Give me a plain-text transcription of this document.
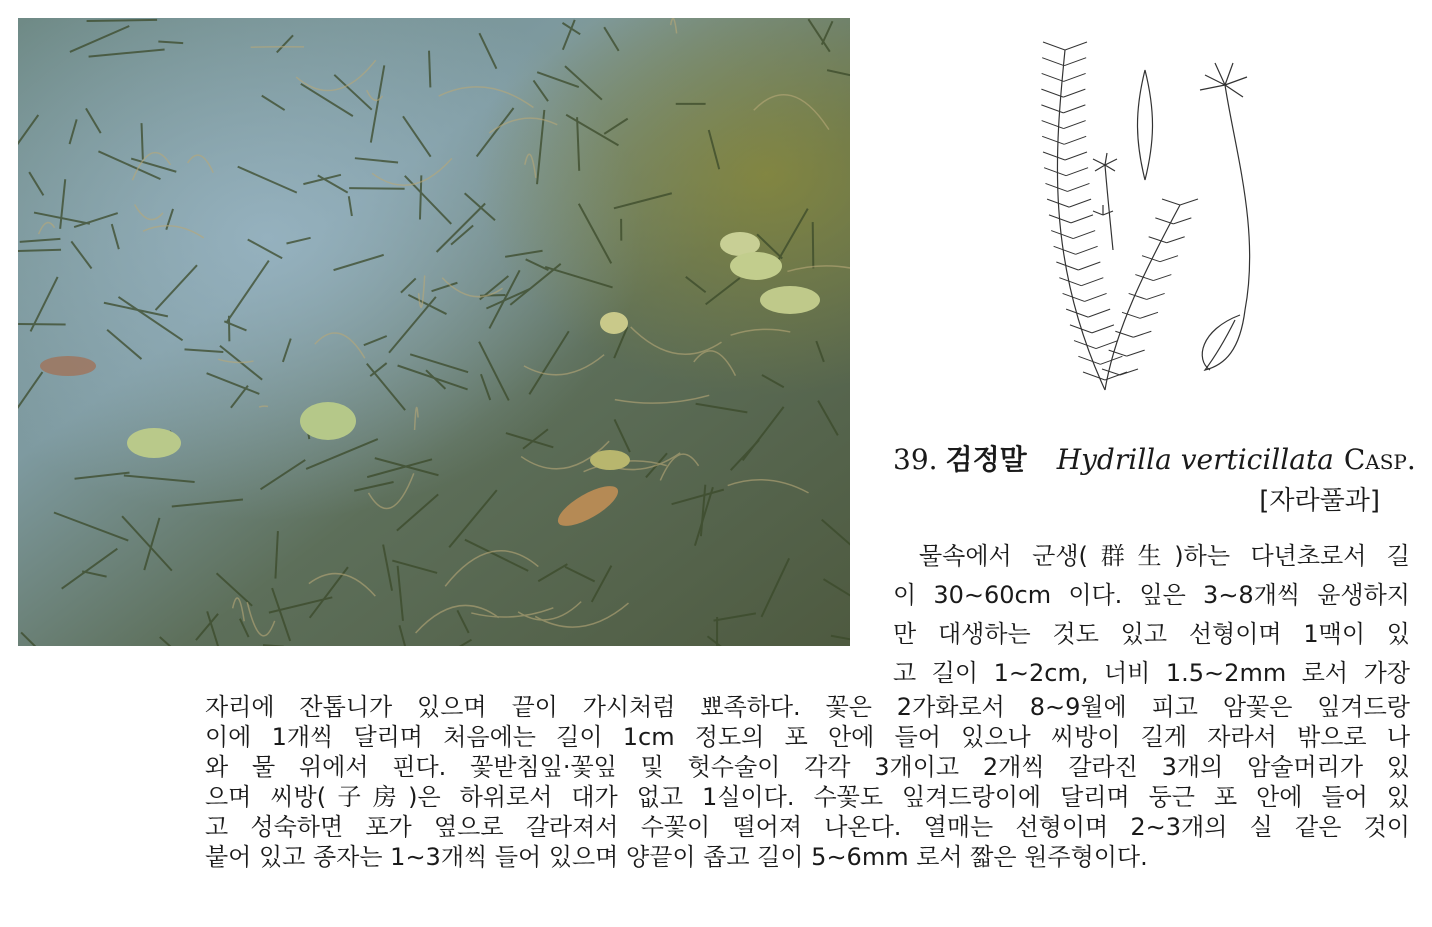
39. 검정말 Hydrilla verticillata Casp.
[자라풀과]
물속에서 군생(群生)하는 다년초로서 길
이 30∼60cm 이다. 잎은 3∼8개씩 윤생하지
만 대생하는 것도 있고 선형이며 1맥이 있
고 길이 1∼2cm, 너비 1.5∼2mm 로서 가장
자리에 잔톱니가 있으며 끝이 가시처럼 뾰족하다. 꽃은 2가화로서 8∼9월에 피고 암꽃은 잎겨드랑
이에 1개씩 달리며 처음에는 길이 1cm 정도의 포 안에 들어 있으나 씨방이 길게 자라서 밖으로 나
와 물 위에서 핀다. 꽃받침잎·꽃잎 및 헛수술이 각각 3개이고 2개씩 갈라진 3개의 암술머리가 있
으며 씨방(子房)은 하위로서 대가 없고 1실이다. 수꽃도 잎겨드랑이에 달리며 둥근 포 안에 들어 있
고 성숙하면 포가 옆으로 갈라져서 수꽃이 떨어져 나온다. 열매는 선형이며 2∼3개의 실 같은 것이
붙어 있고 종자는 1∼3개씩 들어 있으며 양끝이 좁고 길이 5∼6mm 로서 짧은 원주형이다.
